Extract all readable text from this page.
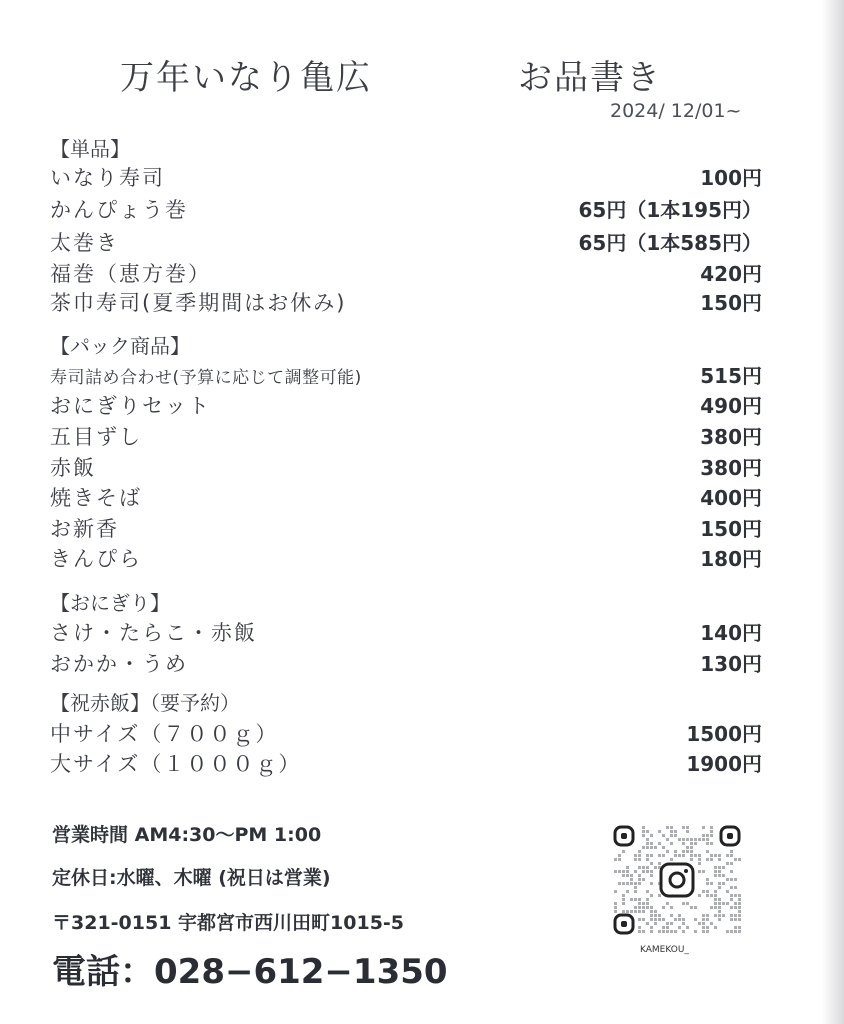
万年いなり亀広	お品書き
2024/ 12/01~
【単品】
いなり寿司	100円
かんぴょう巻	65円（1本195円）
太巻き	65円（1本585円）
福巻（恵方巻）	420円
茶巾寿司(夏季期間はお休み)	150円
【パック商品】
寿司詰め合わせ(予算に応じて調整可能)	515円
おにぎりセット	490円
五目ずし	380円
赤飯	380円
焼きそば	400円
お新香	150円
きんぴら	180円
【おにぎり】
さけ・たらこ・赤飯	140円
おかか・うめ	130円
【祝赤飯】（要予約）
中サイズ（７００ｇ）	1500円
大サイズ（１０００ｇ）	1900円
営業時間 AM4:30〜PM 1:00
定休日:水曜、木曜 (祝日は営業)
〒321-0151 宇都宮市西川田町1015-5
電話：028−612−1350
KAMEKOU_
